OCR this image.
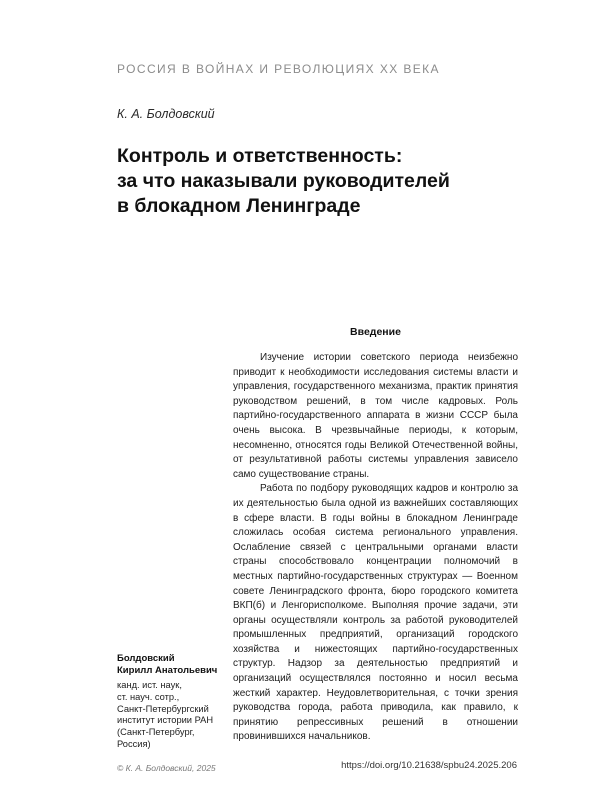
РОССИЯ В ВОЙНАХ И РЕВОЛЮЦИЯХ XX ВЕКА
К. А. Болдовский
Контроль и ответственность:
за что наказывали руководителей
в блокадном Ленинграде
Введение

Изучение истории советского периода неизбежно приводит к необходимости исследования системы власти и управления, государственного механизма, практик принятия руководством решений, в том числе кадровых. Роль партийно-государственного аппарата в жизни СССР была очень высока. В чрезвычайные периоды, к которым, несомненно, относятся годы Великой Отечественной войны, от результативной работы системы управления зависело само существование страны.

Работа по подбору руководящих кадров и контролю за их деятельностью была одной из важнейших составляющих в сфере власти. В годы войны в блокадном Ленинграде сложилась особая система регионального управления. Ослабление связей с центральными органами власти страны способствовало концентрации полномочий в местных партийно-государственных структурах — Военном совете Ленинградского фронта, бюро городского комитета ВКП(б) и Ленгорисполкоме. Выполняя прочие задачи, эти органы осуществляли контроль за работой руководителей промышленных предприятий, организаций городского хозяйства и нижестоящих партийно-государственных структур. Надзор за деятельностью предприятий и организаций осуществлялся постоянно и носил весьма жесткий характер. Неудовлетворительная, с точки зрения руководства города, работа приводила, как правило, к принятию репрессивных решений в отношении провинившихся начальников.

Болдовский
Кирилл Анатольевич
канд. ист. наук,
ст. науч. сотр.,
Санкт-Петербургский
институт истории РАН
(Санкт-Петербург,
Россия)
© К. А. Болдовский, 2025	https://doi.org/10.21638/spbu24.2025.206
